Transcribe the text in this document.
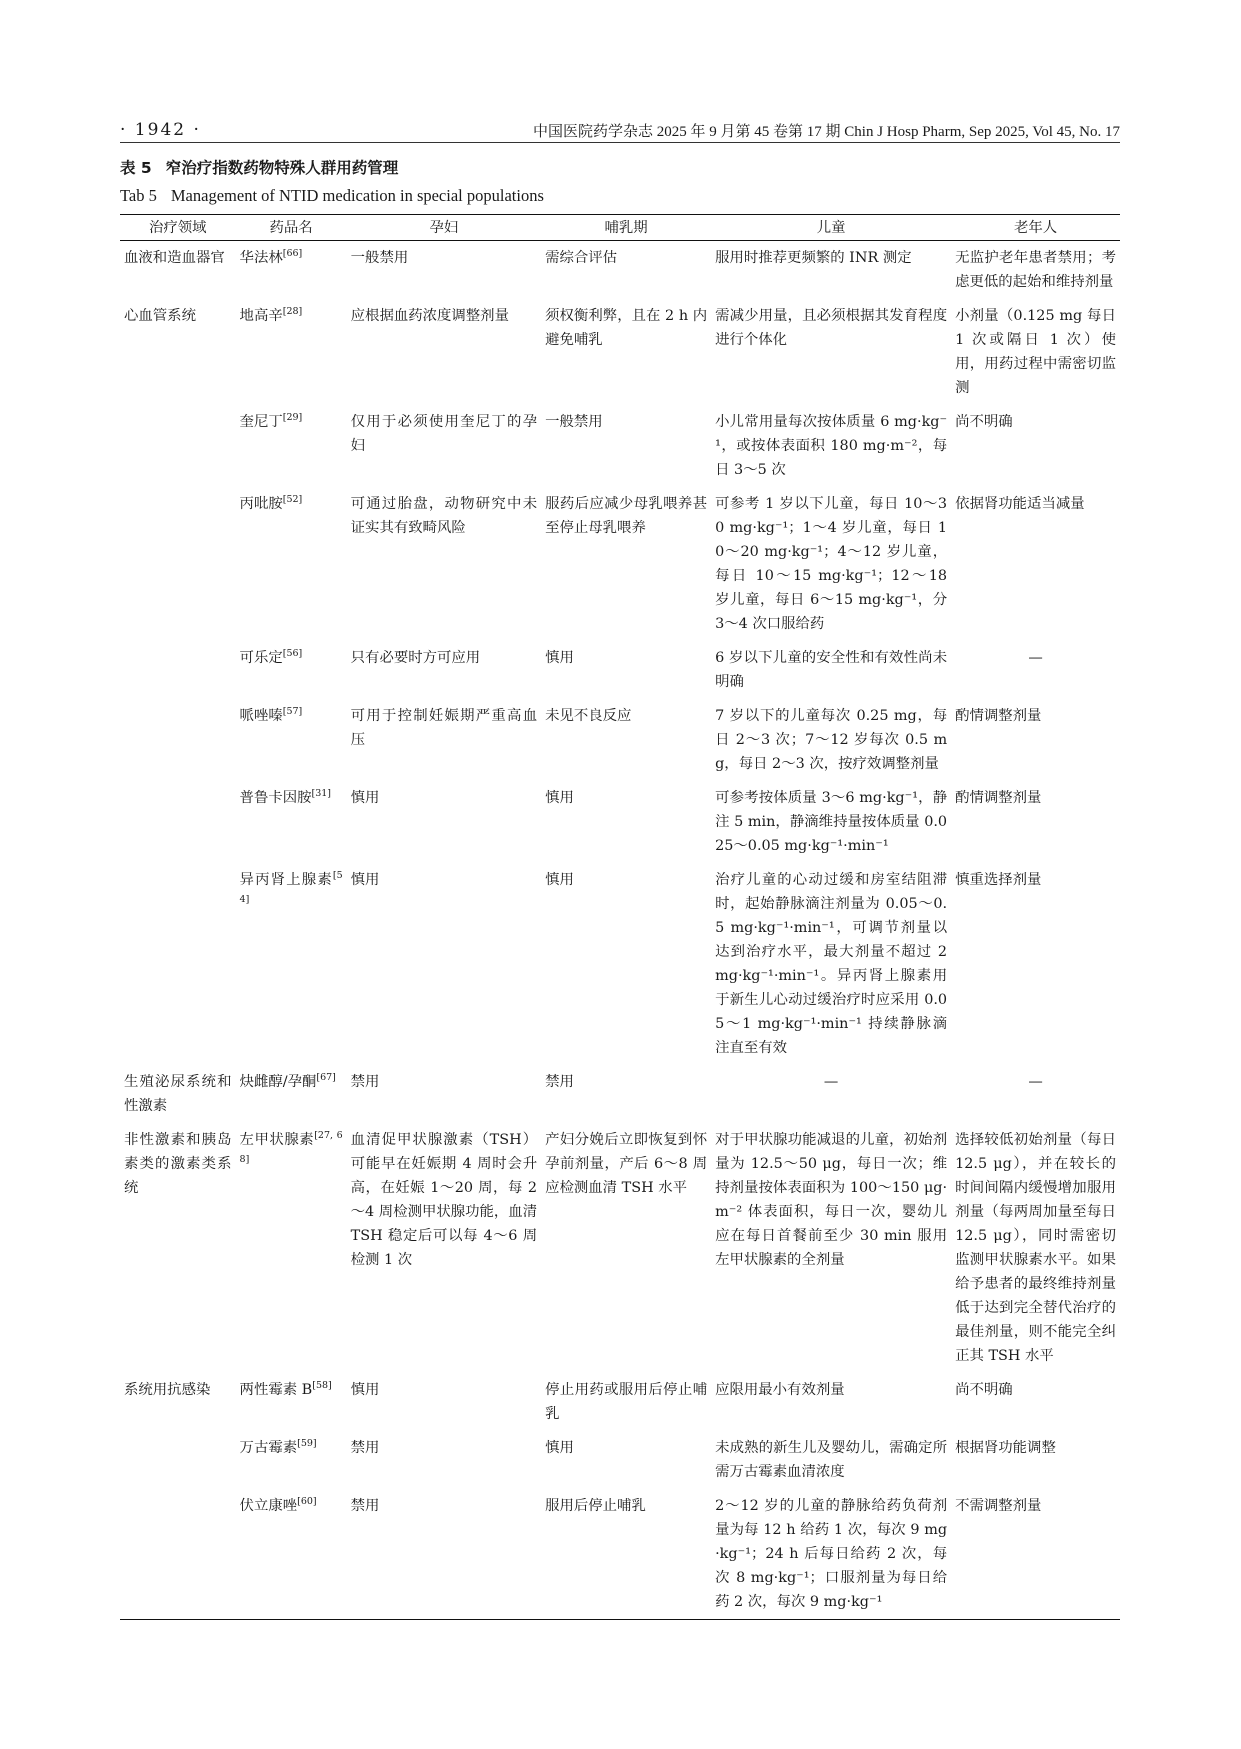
· 1942 ·	中国医院药学杂志 2025 年 9 月第 45 卷第 17 期 Chin J Hosp Pharm, Sep 2025, Vol 45, No. 17
表 5 窄治疗指数药物特殊人群用药管理
Tab 5 Management of NTID medication in special populations
治疗领域	药品名	孕妇	哺乳期	儿童	老年人
血液和造血器官	华法林[66]	一般禁用	需综合评估	服用时推荐更频繁的 INR 测定	无监护老年患者禁用；考虑更低的起始和维持剂量
心血管系统	地高辛[28]	应根据血药浓度调整剂量	须权衡利弊，且在 2 h 内避免哺乳	需减少用量，且必须根据其发育程度进行个体化	小剂量（0.125 mg 每日 1 次或隔日 1 次）使用，用药过程中需密切监测
	奎尼丁[29]	仅用于必须使用奎尼丁的孕妇	一般禁用	小儿常用量每次按体质量 6 mg·kg⁻¹，或按体表面积 180 mg·m⁻²，每日 3～5 次	尚不明确
	丙吡胺[52]	可通过胎盘，动物研究中未证实其有致畸风险	服药后应减少母乳喂养甚至停止母乳喂养	可参考 1 岁以下儿童，每日 10～30 mg·kg⁻¹；1～4 岁儿童，每日 10～20 mg·kg⁻¹；4～12 岁儿童，每日 10～15 mg·kg⁻¹；12～18 岁儿童，每日 6～15 mg·kg⁻¹，分 3～4 次口服给药	依据肾功能适当减量
	可乐定[56]	只有必要时方可应用	慎用	6 岁以下儿童的安全性和有效性尚未明确	—
	哌唑嗪[57]	可用于控制妊娠期严重高血压	未见不良反应	7 岁以下的儿童每次 0.25 mg，每日 2～3 次；7～12 岁每次 0.5 mg，每日 2～3 次，按疗效调整剂量	酌情调整剂量
	普鲁卡因胺[31]	慎用	慎用	可参考按体质量 3～6 mg·kg⁻¹，静注 5 min，静滴维持量按体质量 0.025～0.05 mg·kg⁻¹·min⁻¹	酌情调整剂量
	异丙肾上腺素[54]	慎用	慎用	治疗儿童的心动过缓和房室结阻滞时，起始静脉滴注剂量为 0.05～0.5 mg·kg⁻¹·min⁻¹，可调节剂量以达到治疗水平，最大剂量不超过 2 mg·kg⁻¹·min⁻¹。异丙肾上腺素用于新生儿心动过缓治疗时应采用 0.05～1 mg·kg⁻¹·min⁻¹ 持续静脉滴注直至有效	慎重选择剂量
生殖泌尿系统和性激素	炔雌醇/孕酮[67]	禁用	禁用	—	—
非性激素和胰岛素类的激素类系统	左甲状腺素[27, 68]	血清促甲状腺激素（TSH）可能早在妊娠期 4 周时会升高，在妊娠 1～20 周，每 2～4 周检测甲状腺功能，血清 TSH 稳定后可以每 4～6 周检测 1 次	产妇分娩后立即恢复到怀孕前剂量，产后 6～8 周应检测血清 TSH 水平	对于甲状腺功能减退的儿童，初始剂量为 12.5～50 μg，每日一次；维持剂量按体表面积为 100～150 μg·m⁻² 体表面积，每日一次，婴幼儿应在每日首餐前至少 30 min 服用左甲状腺素的全剂量	选择较低初始剂量（每日 12.5 μg），并在较长的时间间隔内缓慢增加服用剂量（每两周加量至每日 12.5 μg），同时需密切监测甲状腺素水平。如果给予患者的最终维持剂量低于达到完全替代治疗的最佳剂量，则不能完全纠正其 TSH 水平
系统用抗感染	两性霉素 B[58]	慎用	停止用药或服用后停止哺乳	应限用最小有效剂量	尚不明确
	万古霉素[59]	禁用	慎用	未成熟的新生儿及婴幼儿，需确定所需万古霉素血清浓度	根据肾功能调整
	伏立康唑[60]	禁用	服用后停止哺乳	2～12 岁的儿童的静脉给药负荷剂量为每 12 h 给药 1 次，每次 9 mg·kg⁻¹；24 h 后每日给药 2 次，每次 8 mg·kg⁻¹；口服剂量为每日给药 2 次，每次 9 mg·kg⁻¹	不需调整剂量
